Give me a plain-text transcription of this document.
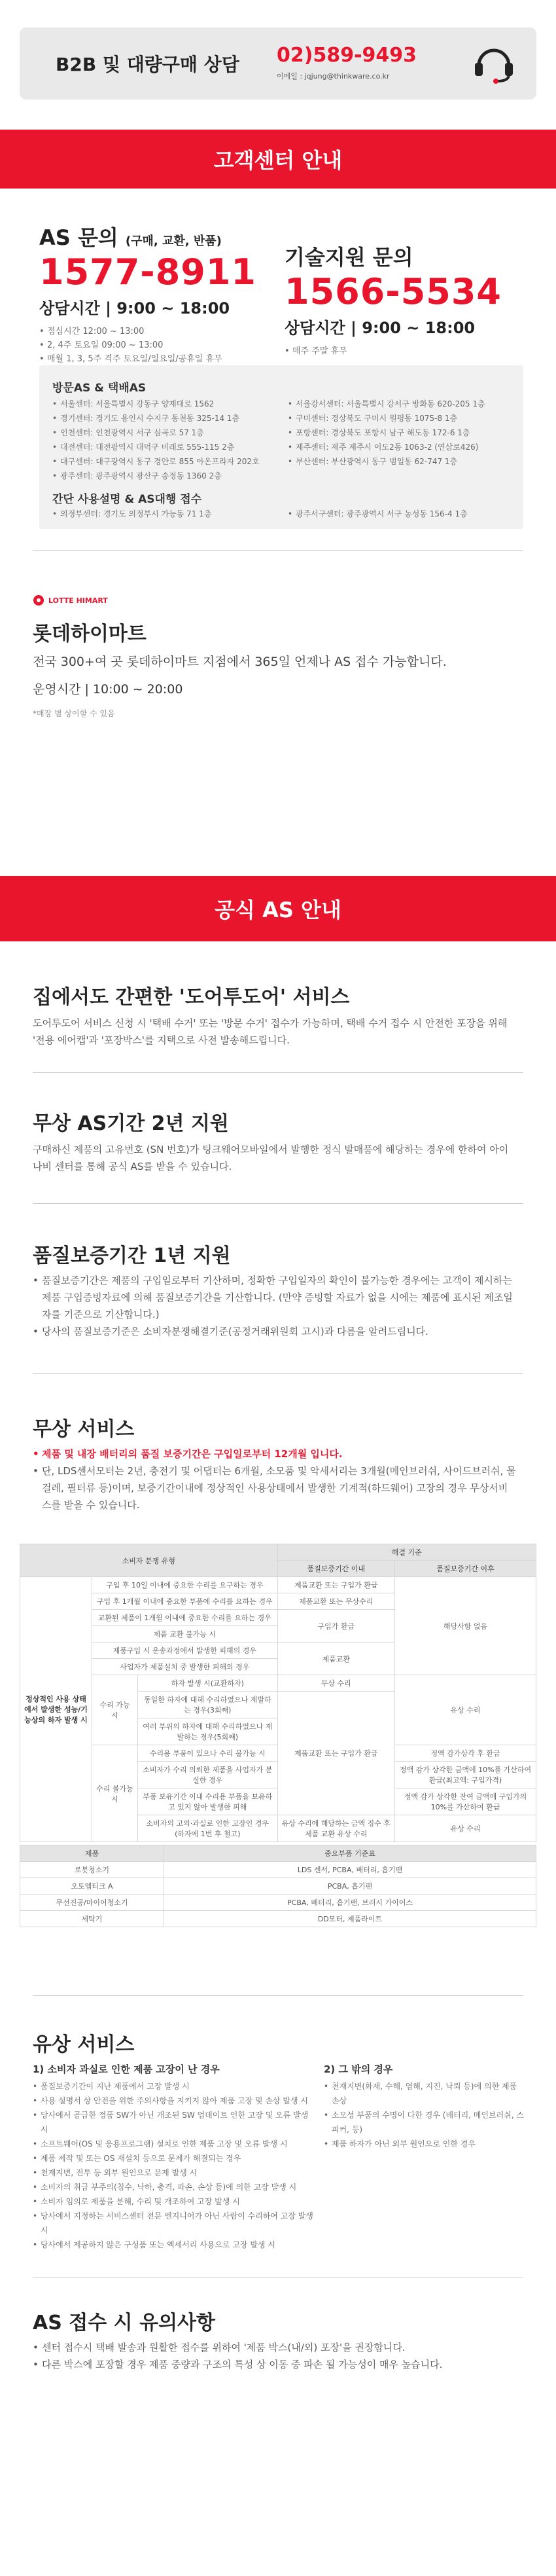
B2B 및 대량구매 상담 02)589-9493
이메일 : jqjung@thinkware.co.kr
고객센터 안내
AS 문의 (구매, 교환, 반품)
1577-8911
상담시간 | 9:00 ~ 18:00
• 점심시간 12:00 ~ 13:00
• 2, 4주 토요일 09:00 ~ 13:00
• 매월 1, 3, 5주 격주 토요일/일요일/공휴일 휴무
기술지원 문의
1566-5534
상담시간 | 9:00 ~ 18:00
• 매주 주말 휴무
방문AS & 택배AS
• 서울센터: 서울특별시 강동구 양재대로 1562
• 경기센터: 경기도 용인시 수지구 동천동 325-14 1층
• 인천센터: 인천광역시 서구 심곡로 57 1층
• 대전센터: 대전광역시 대덕구 비래로 555-115 2층
• 대구센터: 대구광역시 동구 경안로 855 아온프라자 202호
• 광주센터: 광주광역시 광산구 송정동 1360 2층
• 서울강서센터: 서울특별시 강서구 방화동 620-205 1층
• 구미센터: 경상북도 구미시 원평동 1075-8 1층
• 포항센터: 경상북도 포항시 남구 해도동 172-6 1층
• 제주센터: 제주 제주시 이도2동 1063-2 (연삼로426)
• 부산센터: 부산광역시 동구 범일동 62-747 1층
간단 사용설명 & AS대행 접수
• 의정부센터: 경기도 의정부시 가능동 71 1층	• 광주서구센터: 광주광역시 서구 농성동 156-4 1층
LOTTE HIMART
롯데하이마트
전국 300+여 곳 롯데하이마트 지점에서 365일 언제나 AS 접수 가능합니다.
운영시간 | 10:00 ~ 20:00
*매장 별 상이할 수 있음
공식 AS 안내
집에서도 간편한 '도어투도어' 서비스
도어투도어 서비스 신청 시 '택배 수거' 또는 '방문 수거' 접수가 가능하며, 택배 수거 접수 시 안전한 포장을 위해 '전용 에어캡'과 '포장박스'를 지택으로 사전 발송해드립니다.
무상 AS기간 2년 지원
구매하신 제품의 고유번호 (SN 번호)가 팅크웨어모바일에서 발행한 정식 발매품에 해당하는 경우에 한하여 아이나비 센터를 통해 공식 AS를 받을 수 있습니다.
품질보증기간 1년 지원
• 품질보증기간은 제품의 구입일로부터 기산하며, 정확한 구입일자의 확인이 불가능한 경우에는 고객이 제시하는 제품 구입증빙자료에 의해 품질보증기간을 기산합니다. (만약 증빙할 자료가 없을 시에는 제품에 표시된 제조일자를 기준으로 기산합니다.)
• 당사의 품질보증기준은 소비자분쟁해결기준(공정거래위원회 고시)과 다름을 알려드립니다.
무상 서비스
• 제품 및 내장 배터리의 품질 보증기간은 구입일로부터 12개월 입니다.
• 단, LDS센서모터는 2년, 충전기 및 어댑터는 6개월, 소모품 및 악세서리는 3개월(메인브러쉬, 사이드브러쉬, 물걸레, 필터류 등)이며, 보증기간이내에 정상적인 사용상태에서 발생한 기계적(하드웨어) 고장의 경우 무상서비스를 받을 수 있습니다.
소비자 분쟁 유형			해결 기준	
			품질보증기간 이내	품질보증기간 이후
정상적인 사용 상태에서 발생한 성능/기능상의 하자 발생 시	구입 후 10일 이내에 중요한 수리를 요구하는 경우		제품교환 또는 구입가 환급	해당사항 없음
	구입 후 1개월 이내에 중요한 부품에 수리를 요하는 경우		제품교환 또는 무상수리	
	교환된 제품이 1개월 이내에 중요한 수리를 요하는 경우		구입가 환급	
	제품 교환 불가능 시			
	제품구입 시 운송과정에서 발생한 피해의 경우		제품교환	
	사업자가 제품설치 중 발생한 피해의 경우			
	수리 가능 시	하자 발생 시(교환하자)	무상 수리	유상 수리
		동일한 하자에 대해 수리하였으나 재발하는 경우(3회째)	제품교환 또는 구입가 환급	
		여러 부위의 하자에 대해 수리하였으나 재발하는 경우(5회째)		
	수리 불가능 시	수리용 부품이 있으나 수리 불가능 시		정액 감가상각 후 환급
		소비자가 수리 의뢰한 제품을 사업자가 분실한 경우		정액 감가 상각한 금액에 10%를 가산하여 환급(최고액: 구입가격)
		부품 보유기간 이내 수리용 부품을 보유하고 있지 않아 발생한 피해		정액 감가 상각한 잔여 금액에 구입가의 10%를 가산하여 환급
		소비자의 고의·과실로 인한 고장인 경우(하자에 1번 후 철고)	유상 수리에 해당하는 금액 징수 후 제품 교환 유상 수리	유상 수리
제품	중요부품 기준표
로봇청소기	LDS 센서, PCBA, 배터리, 흡기팬
오토엠티크 A	PCBA, 흡기팬
무선진공/마이어청소기	PCBA, 배터리, 흡기팬, 브러시 가이어스
세탁기	DD모터, 제품라이트
유상 서비스
1) 소비자 과실로 인한 제품 고장이 난 경우
• 품질보증기간이 지난 제품에서 고장 발생 시
• 사용 설명서 상 안전을 위한 주의사항을 지키지 않아 제품 고장 및 손상 발생 시
• 당사에서 공급한 정품 SW가 아닌 개조된 SW 업데이트 인한 고장 및 오류 발생 시
• 소프트웨어(OS 및 응용프로그램) 설치로 인한 제품 고장 및 오류 발생 시
• 제품 제작 및 또는 OS 재설치 등으로 문제가 해결되는 경우
• 천재지변, 전투 등 외부 원인으로 문제 발생 시
• 소비자의 취급 부주의(침수, 낙하, 충격, 파손, 손상 등)에 의한 고장 발생 시
• 소비자 임의로 제품을 분해, 수리 및 개조하여 고장 발생 시
• 당사에서 지정하는 서비스센터 전문 엔지니어가 아닌 사람이 수리하여 고장 발생 시
• 당사에서 제공하지 않은 구성품 또는 액세서리 사용으로 고장 발생 시
2) 그 밖의 경우
• 천재지변(화재, 수해, 염해, 지진, 낙뢰 등)에 의한 제품 손상
• 소모성 부품의 수명이 다한 경우 (배터리, 메인브러쉬, 스피커, 등)
• 제품 하자가 아닌 외부 원인으로 인한 경우
AS 접수 시 유의사항
• 센터 접수시 택배 발송과 원활한 접수를 위하여 '제품 박스(내/외) 포장'을 권장합니다.
• 다른 박스에 포장할 경우 제품 중량과 구조의 특성 상 이동 중 파손 될 가능성이 매우 높습니다.
